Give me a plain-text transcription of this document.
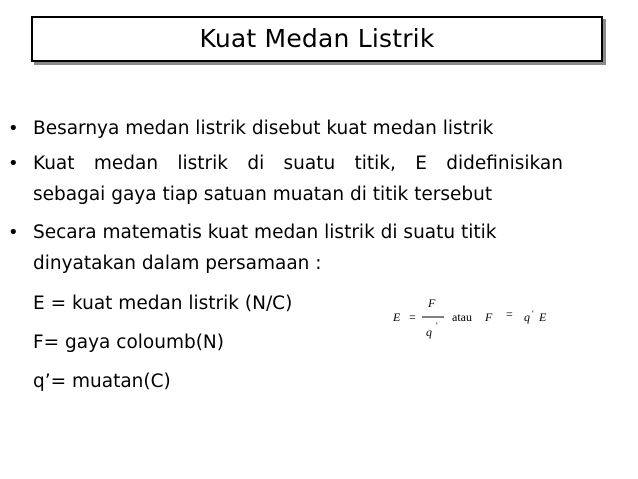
Kuat Medan Listrik
• Besarnya medan listrik disebut kuat medan listrik
• Kuat medan listrik di suatu titik, E didefinisikan
sebagai gaya tiap satuan muatan di titik tersebut
• Secara matematis kuat medan listrik di suatu titik
dinyatakan dalam persamaan :
E = kuat medan listrik (N/C)
F= gaya coloumb(N)
q’= muatan(C)
E =
F
q '
atau F = q ' E
